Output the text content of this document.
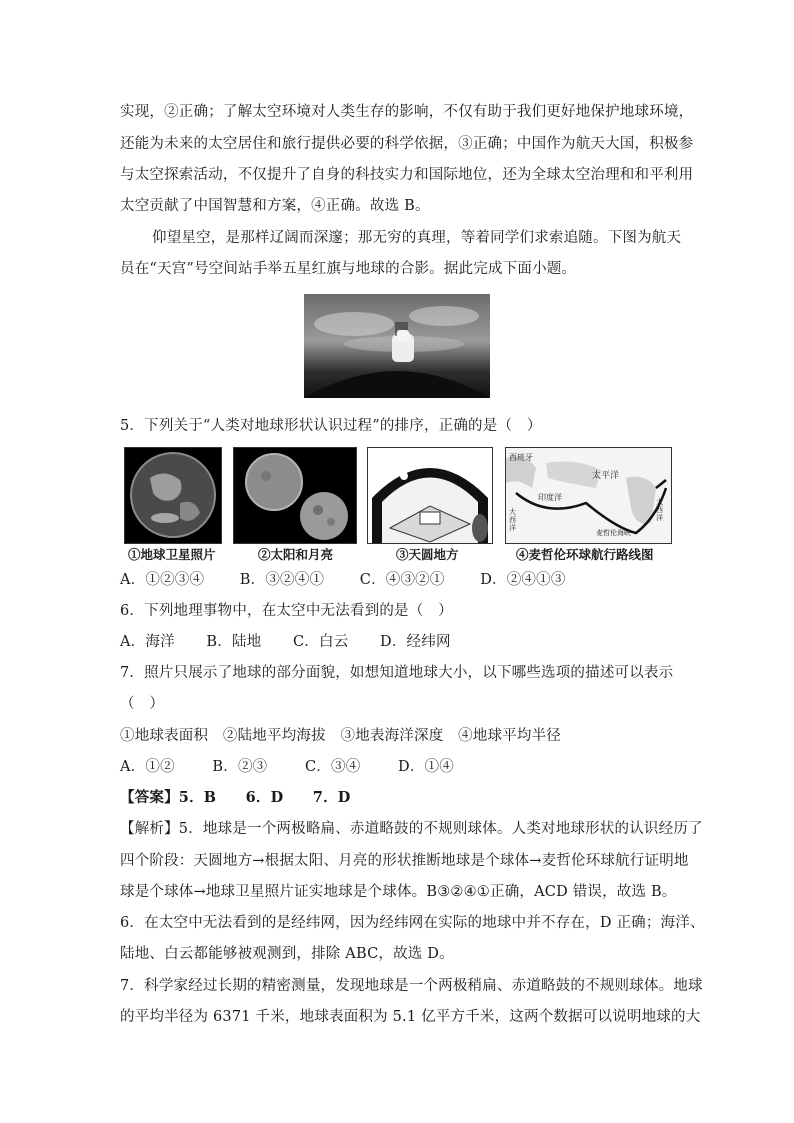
实现，②正确；了解太空环境对人类生存的影响，不仅有助于我们更好地保护地球环境，
还能为未来的太空居住和旅行提供必要的科学依据，③正确；中国作为航天大国，积极参
与太空探索活动，不仅提升了自身的科技实力和国际地位，还为全球太空治理和和平利用
太空贡献了中国智慧和方案，④正确。故选 B。
仰望星空，是那样辽阔而深邃；那无穷的真理，等着同学们求索追随。下图为航天
员在“天宫”号空间站手举五星红旗与地球的合影。据此完成下面小题。
5．下列关于“人类对地球形状认识过程”的排序，正确的是（　）
西班牙
太平洋
印度洋
大西洋
麦哲伦海峡
大西洋
①地球卫星照片	②太阳和月亮	③天圆地方	④麦哲伦环球航行路线图
A．①②③④ B．③②④① C．④③②① D．②④①③
6．下列地理事物中，在太空中无法看到的是（　）
A．海洋 B．陆地 C．白云 D．经纬网
7．照片只展示了地球的部分面貌，如想知道地球大小，以下哪些选项的描述可以表示
（　）
①地球表面积　②陆地平均海拔　③地表海洋深度　④地球平均半径
A．①②	B．②③	C．③④	D．①④
【答案】5．B　　6．D　　7．D
【解析】5．地球是一个两极略扁、赤道略鼓的不规则球体。人类对地球形状的认识经历了
四个阶段：天圆地方→根据太阳、月亮的形状推断地球是个球体→麦哲伦环球航行证明地
球是个球体→地球卫星照片证实地球是个球体。B③②④①正确，ACD 错误，故选 B。
6．在太空中无法看到的是经纬网，因为经纬网在实际的地球中并不存在，D 正确；海洋、
陆地、白云都能够被观测到，排除 ABC，故选 D。
7．科学家经过长期的精密测量，发现地球是一个两极稍扁、赤道略鼓的不规则球体。地球
的平均半径为 6371 千米，地球表面积为 5.1 亿平方千米，这两个数据可以说明地球的大
